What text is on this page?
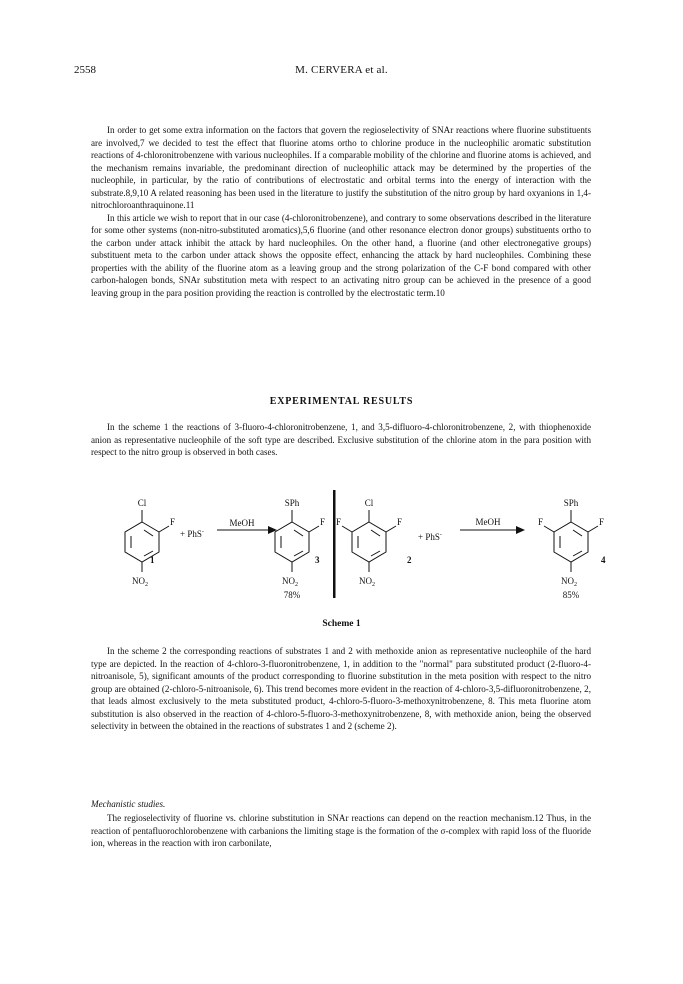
2558	M. CERVERA et al.

In order to get some extra information on the factors that govern the regioselectivity of SNAr reactions where fluorine substituents are involved,7 we decided to test the effect that fluorine atoms ortho to chlorine produce in the nucleophilic aromatic substitution reactions of 4-chloronitrobenzene with various nucleophiles. If a comparable mobility of the chlorine and fluorine atoms is achieved, and the mechanism remains invariable, the predominant direction of nucleophilic attack may be determined by the properties of the nucleophile, in particular, by the ratio of contributions of electrostatic and orbital terms into the energy of interaction with the substrate.8,9,10 A related reasoning has been used in the literature to justify the substitution of the nitro group by hard oxyanions in 1,4-nitrochloroanthraquinone.11

In this article we wish to report that in our case (4-chloronitrobenzene), and contrary to some observations described in the literature for some other systems (non-nitro-substituted aromatics),5,6 fluorine (and other resonance electron donor groups) substituents ortho to the carbon under attack inhibit the attack by hard nucleophiles. On the other hand, a fluorine (and other electronegative groups) substituent meta to the carbon under attack shows the opposite effect, enhancing the attack by hard nucleophiles. Combining these properties with the ability of the fluorine atom as a leaving group and the strong polarization of the C-F bond compared with other carbon-halogen bonds, SNAr substitution meta with respect to an activating nitro group can be achieved in the presence of a good leaving group in the para position providing the reaction is controlled by the electrostatic term.10

EXPERIMENTAL RESULTS

In the scheme 1 the reactions of 3-fluoro-4-chloronitrobenzene, 1, and 3,5-difluoro-4-chloronitrobenzene, 2, with thiophenoxide anion as representative nucleophile of the soft type are described. Exclusive substitution of the chlorine atom in the para position with respect to the nitro group is observed in both cases.

Cl
F
$NO_2$
1
+ PhS-
MeOH
SPh
F
$NO_2$
3
78%
Cl
F
F
$NO_2$
2
+ PhS-
MeOH
SPh
F
F
$NO_2$
4
85%
Scheme 1

In the scheme 2 the corresponding reactions of substrates 1 and 2 with methoxide anion as representative nucleophile of the hard type are depicted. In the reaction of 4-chloro-3-fluoronitrobenzene, 1, in addition to the "normal" para substituted product (2-fluoro-4-nitroanisole, 5), significant amounts of the product corresponding to fluorine substitution in the meta position with respect to the nitro group are obtained (2-chloro-5-nitroanisole, 6). This trend becomes more evident in the reaction of 4-chloro-3,5-difluoronitrobenzene, 2, that leads almost exclusively to the meta substituted product, 4-chloro-5-fluoro-3-methoxynitrobenzene, 8. This meta fluorine atom substitution is also observed in the reaction of 4-chloro-5-fluoro-3-methoxynitrobenzene, 8, with methoxide anion, being the observed selectivity in between the obtained in the reactions of substrates 1 and 2 (scheme 2).

Mechanistic studies.

The regioselectivity of fluorine vs. chlorine substitution in SNAr reactions can depend on the reaction mechanism.12 Thus, in the reaction of pentafluorochlorobenzene with carbanions the limiting stage is the formation of the σ-complex with rapid loss of the fluoride ion, whereas in the reaction with iron carbonilate,
